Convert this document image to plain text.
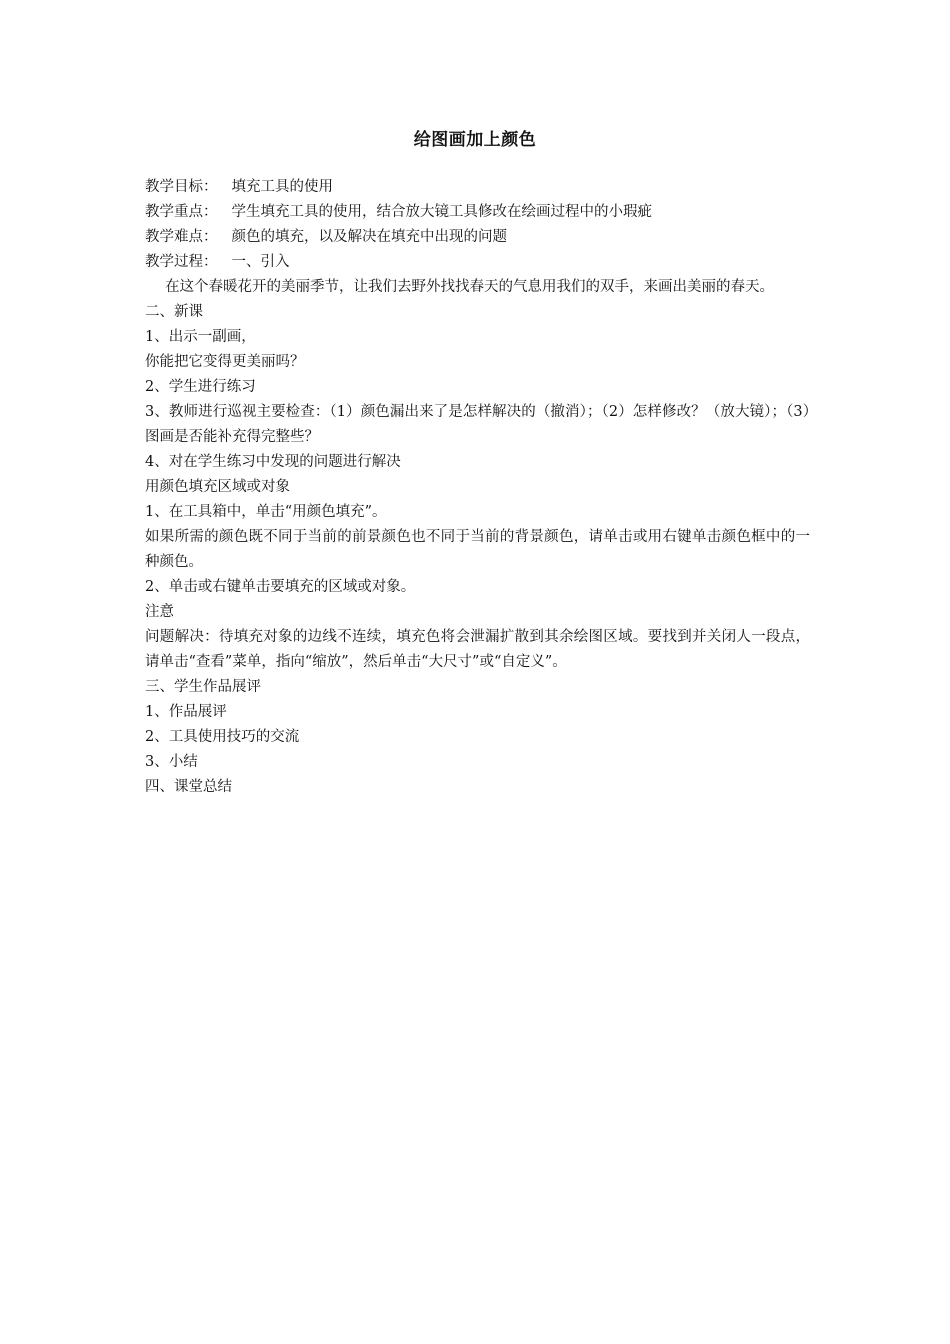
给图画加上颜色

教学目标： 填充工具的使用

教学重点： 学生填充工具的使用，结合放大镜工具修改在绘画过程中的小瑕疵

教学难点： 颜色的填充，以及解决在填充中出现的问题

教学过程： 一、引入

在这个春暖花开的美丽季节，让我们去野外找找春天的气息用我们的双手，来画出美丽的春天。

二、新课

1、出示一副画，

你能把它变得更美丽吗？

2、学生进行练习

3、教师进行巡视主要检查：（1）颜色漏出来了是怎样解决的（撤消）；（2）怎样修改？（放大镜）；（3）图画是否能补充得完整些？

4、对在学生练习中发现的问题进行解决

用颜色填充区域或对象

1、在工具箱中，单击“用颜色填充”。

如果所需的颜色既不同于当前的前景颜色也不同于当前的背景颜色，请单击或用右键单击颜色框中的一种颜色。

2、单击或右键单击要填充的区域或对象。

注意

问题解决：待填充对象的边线不连续，填充色将会泄漏扩散到其余绘图区域。要找到并关闭人一段点，请单击“查看”菜单，指向“缩放”，然后单击“大尺寸”或“自定义”。

三、学生作品展评

1、作品展评

2、工具使用技巧的交流

3、小结

四、课堂总结
